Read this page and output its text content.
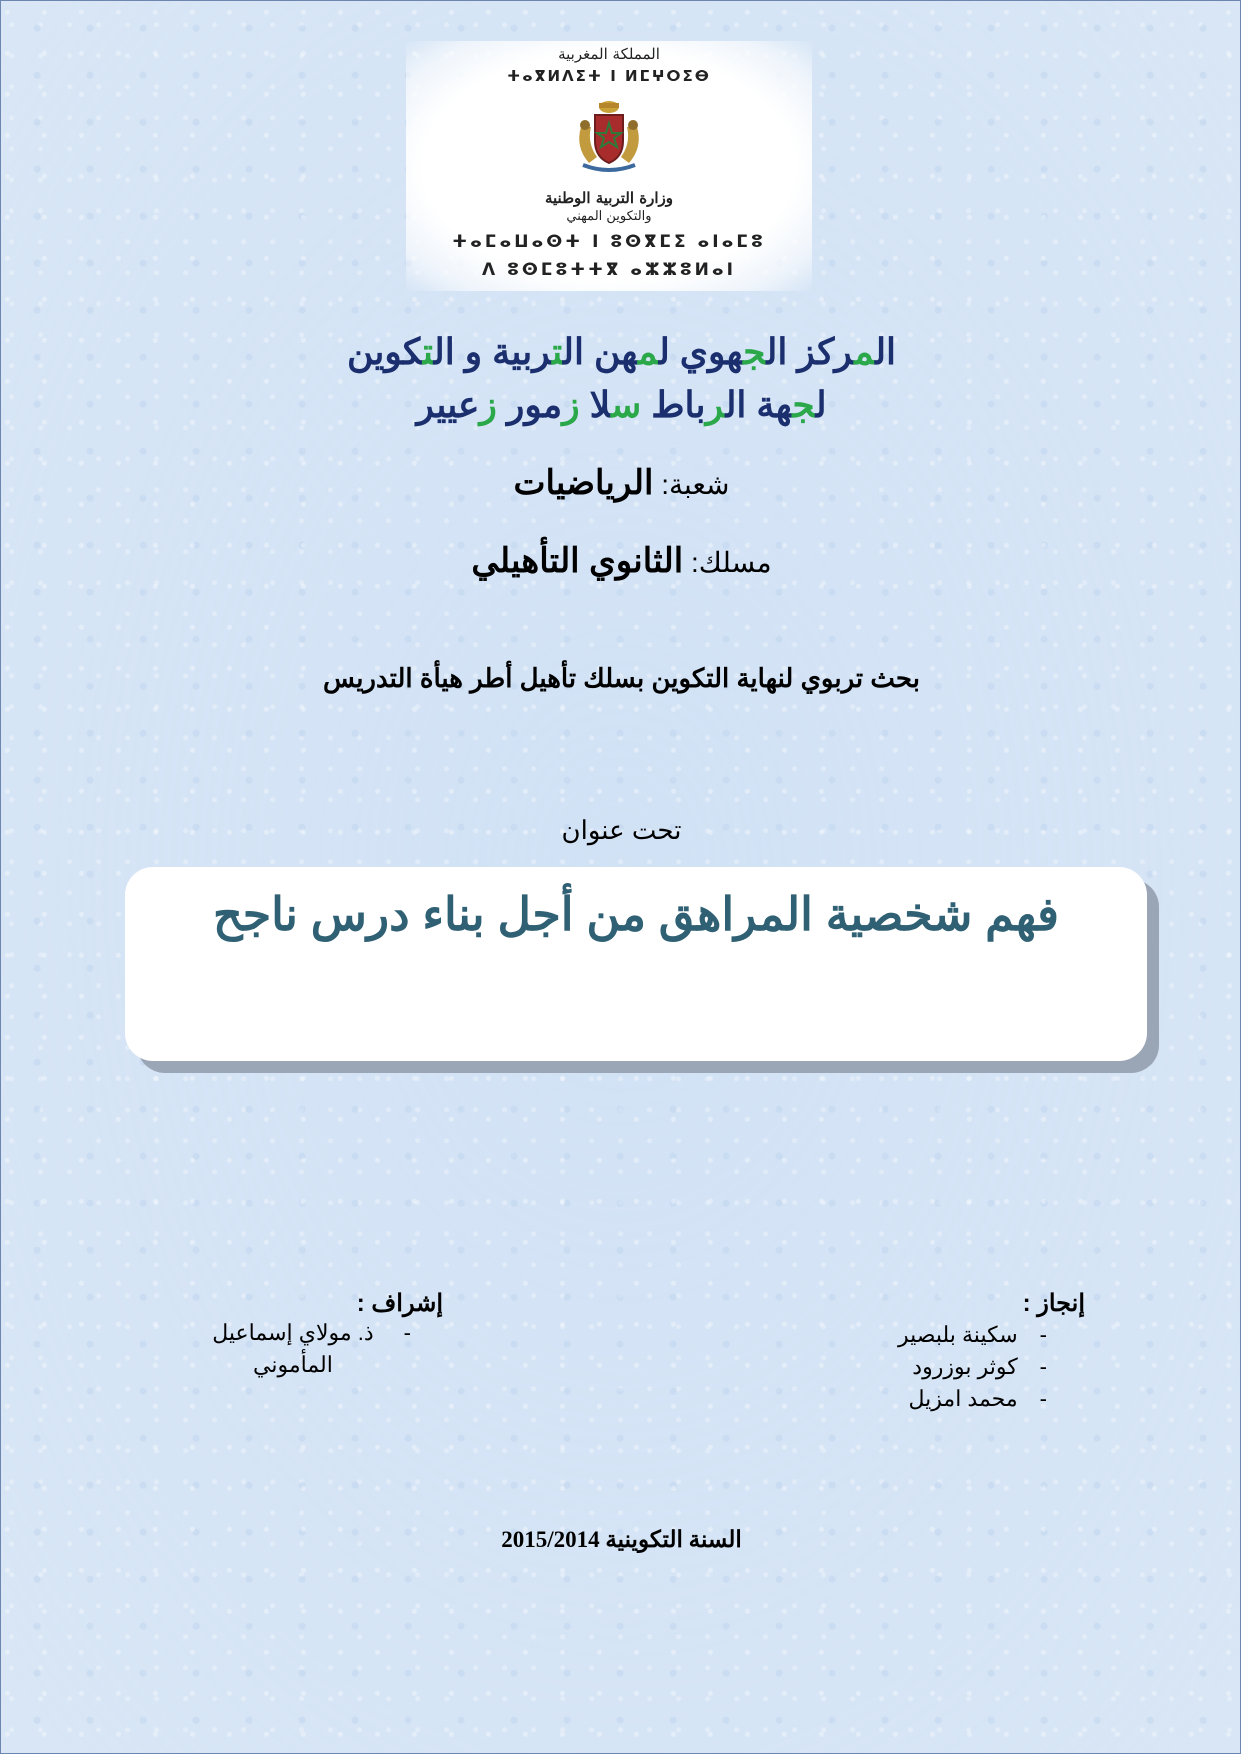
المملكة المغربية
ⵜⴰⴳⵍⴷⵉⵜ ⵏ ⵍⵎⵖⵔⵉⴱ
وزارة التربية الوطنية
والتكوين المهني
ⵜⴰⵎⴰⵡⴰⵙⵜ ⵏ ⵓⵙⴳⵎⵉ ⴰⵏⴰⵎⵓ
ⴷ ⵓⵙⵎⵓⵜⵜⴳ ⴰⵣⵣⵓⵍⴰⵏ
المركز الجهوي لمهن التربية و التكوين
لجهة الرباط سلا زمور زعيير
شعبة: الرياضيات
مسلك: الثانوي التأهيلي
بحث تربوي لنهاية التكوين بسلك تأهيل أطر هيأة التدريس
تحت عنوان
فهم شخصية المراهق من أجل بناء درس ناجح
إنجاز :
-
سكينة بلبصير
-
كوثر بوزرود
-
محمد امزيل
إشراف :
-
ذ. مولاي إسماعيل
المأموني
السنة التكوينية 2015/2014
